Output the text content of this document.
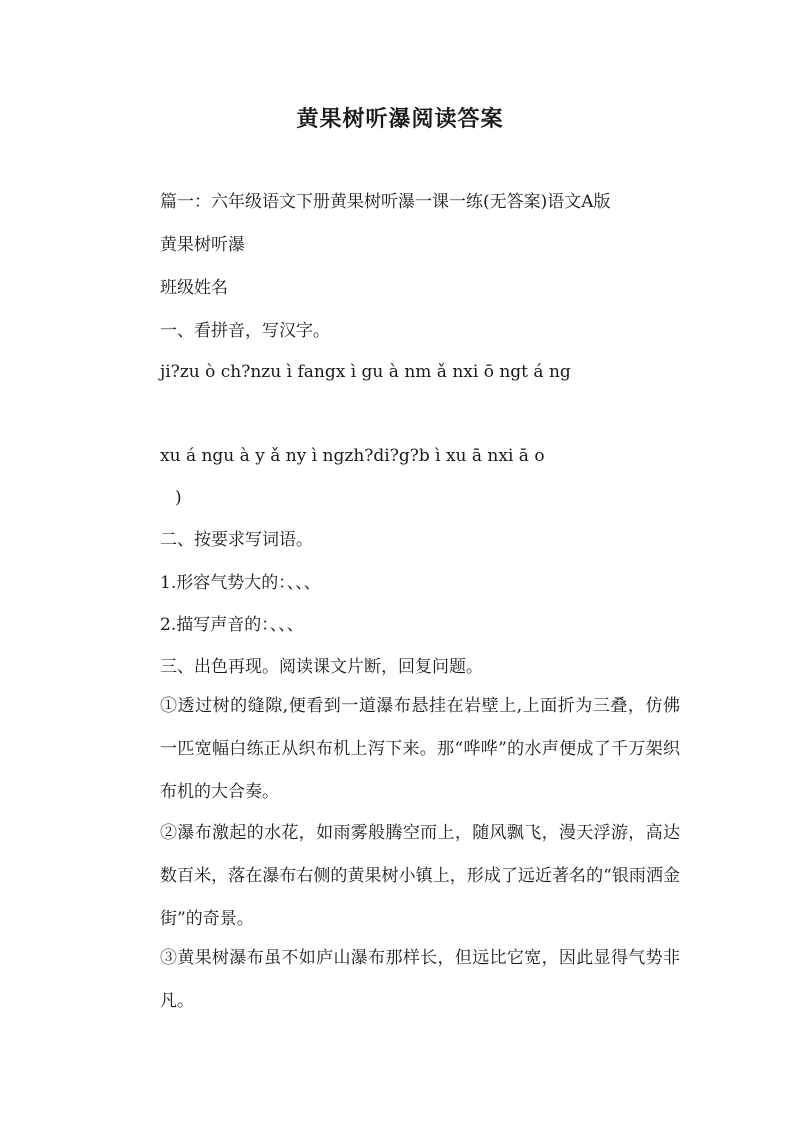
黄果树听瀑阅读答案

篇一：六年级语文下册黄果树听瀑一课一练(无答案)语文A版

黄果树听瀑

班级姓名

一、看拼音，写汉字。

ji?zu ò ch?nzu ì fangx ì gu à nm ǎ nxi ō ngt á ng

xu á ngu à y ǎ ny ì ngzh?di?g?b ì xu ā nxi ā o

)

二、按要求写词语。

1.形容气势大的：、、、

2.描写声音的：、、、

三、出色再现。阅读课文片断，回复问题。

①透过树的缝隙,便看到一道瀑布悬挂在岩壁上,上面折为三叠，仿佛一匹宽幅白练正从织布机上泻下来。那“哗哗”的水声便成了千万架织布机的大合奏。

②瀑布激起的水花，如雨雾般腾空而上，随风飘飞，漫天浮游，高达数百米，落在瀑布右侧的黄果树小镇上，形成了远近著名的“银雨洒金街”的奇景。

③黄果树瀑布虽不如庐山瀑布那样长，但远比它宽，因此显得气势非凡。
